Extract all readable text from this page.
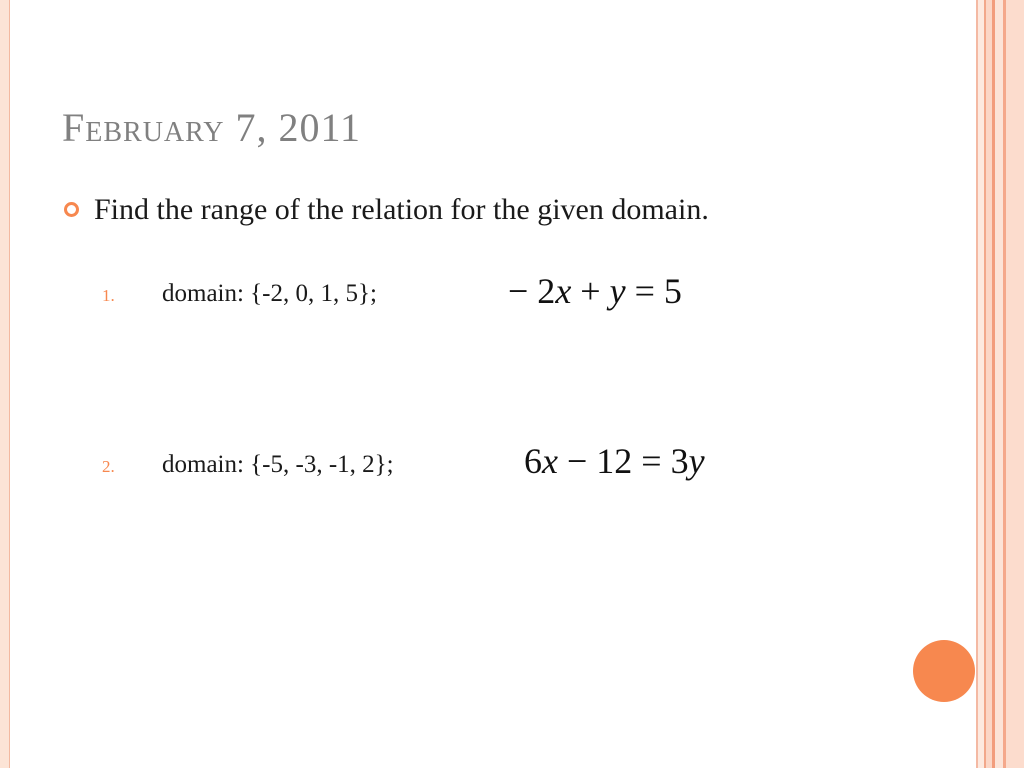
February 7, 2011
Find the range of the relation for the given domain.
1. domain: {-2, 0, 1, 5};	− 2x + y = 5
2. domain: {-5, -3, -1, 2};	6x − 12 = 3y
